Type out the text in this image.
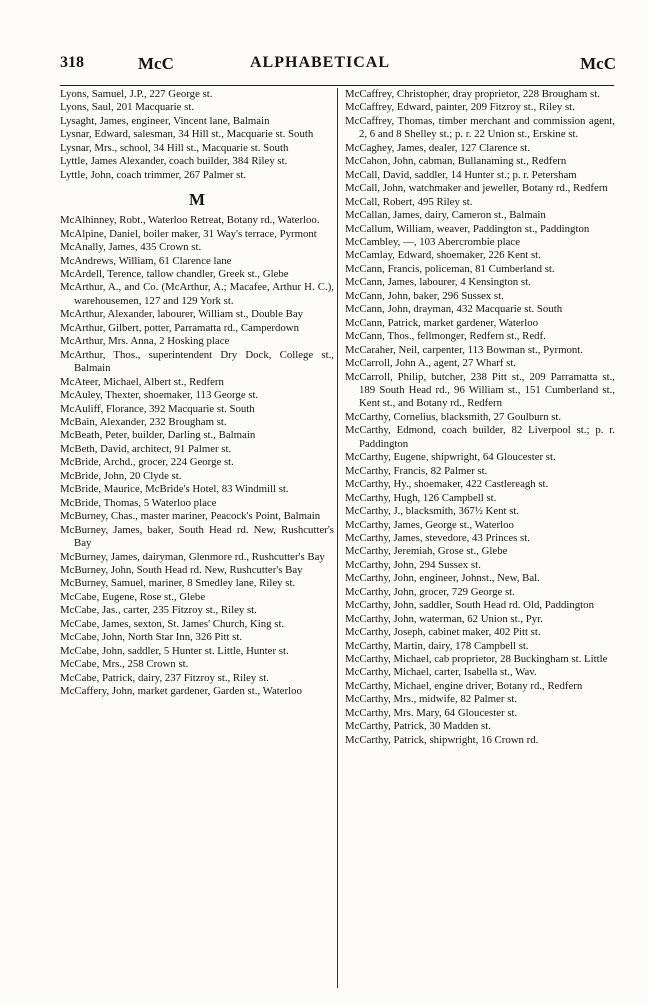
318	McC	ALPHABETICAL	McC
Lyons, Samuel, J.P., 227 George st.
Lyons, Saul, 201 Macquarie st.
Lysaght, James, engineer, Vincent lane, Balmain
Lysnar, Edward, salesman, 34 Hill st., Macquarie st. South
Lysnar, Mrs., school, 34 Hill st., Macquarie st. South
Lyttle, James Alexander, coach builder, 384 Riley st.
Lyttle, John, coach trimmer, 267 Palmer st.
M
McAlhinney, Robt., Waterloo Retreat, Botany rd., Waterloo.
McAlpine, Daniel, boiler maker, 31 Way's terrace, Pyrmont
McAnally, James, 435 Crown st.
McAndrews, William, 61 Clarence lane
McArdell, Terence, tallow chandler, Greek st., Glebe
McArthur, A., and Co. (McArthur, A.; Macafee, Arthur H. C.), warehousemen, 127 and 129 York st.
McArthur, Alexander, labourer, William st., Double Bay
McArthur, Gilbert, potter, Parramatta rd., Camperdown
McArthur, Mrs. Anna, 2 Hosking place
McArthur, Thos., superintendent Dry Dock, College st., Balmain
McAteer, Michael, Albert st., Redfern
McAuley, Thexter, shoemaker, 113 George st.
McAuliff, Florance, 392 Macquarie st. South
McBain, Alexander, 232 Brougham st.
McBeath, Peter, builder, Darling st., Balmain
McBeth, David, architect, 91 Palmer st.
McBride, Archd., grocer, 224 George st.
McBride, John, 20 Clyde st.
McBride, Maurice, McBride's Hotel, 83 Windmill st.
McBride, Thomas, 5 Waterloo place
McBurney, Chas., master mariner, Peacock's Point, Balmain
McBurney, James, baker, South Head rd. New, Rushcutter's Bay
McBurney, James, dairyman, Glenmore rd., Rushcutter's Bay
McBurney, John, South Head rd. New, Rushcutter's Bay
McBurney, Samuel, mariner, 8 Smedley lane, Riley st.
McCabe, Eugene, Rose st., Glebe
McCabe, Jas., carter, 235 Fitzroy st., Riley st.
McCabe, James, sexton, St. James' Church, King st.
McCabe, John, North Star Inn, 326 Pitt st.
McCabe, John, saddler, 5 Hunter st. Little, Hunter st.
McCabe, Mrs., 258 Crown st.
McCabe, Patrick, dairy, 237 Fitzroy st., Riley st.
McCaffery, John, market gardener, Garden st., Waterloo
McCaffrey, Christopher, dray proprietor, 228 Brougham st.
McCaffrey, Edward, painter, 209 Fitzroy st., Riley st.
McCaffrey, Thomas, timber merchant and commission agent, 2, 6 and 8 Shelley st.; p. r. 22 Union st., Erskine st.
McCaghey, James, dealer, 127 Clarence st.
McCahon, John, cabman, Bullanaming st., Redfern
McCall, David, saddler, 14 Hunter st.; p. r. Petersham
McCall, John, watchmaker and jeweller, Botany rd., Redfern
McCall, Robert, 495 Riley st.
McCallan, James, dairy, Cameron st., Balmain
McCallum, William, weaver, Paddington st., Paddington
McCambley, —, 103 Abercrombie place
McCamlay, Edward, shoemaker, 226 Kent st.
McCann, Francis, policeman, 81 Cumberland st.
McCann, James, labourer, 4 Kensington st.
McCann, John, baker, 296 Sussex st.
McCann, John, drayman, 432 Macquarie st. South
McCann, Patrick, market gardener, Waterloo
McCann, Thos., fellmonger, Redfern st., Redf.
McCaraher, Neil, carpenter, 113 Bowman st., Pyrmont.
McCarroll, John A., agent, 27 Wharf st.
McCarroll, Philip, butcher, 238 Pitt st., 209 Parramatta st., 189 South Head rd., 96 William st., 151 Cumberland st., Kent st., and Botany rd., Redfern
McCarthy, Cornelius, blacksmith, 27 Goulburn st.
McCarthy, Edmond, coach builder, 82 Liverpool st.; p. r. Paddington
McCarthy, Eugene, shipwright, 64 Gloucester st.
McCarthy, Francis, 82 Palmer st.
McCarthy, Hy., shoemaker, 422 Castlereagh st.
McCarthy, Hugh, 126 Campbell st.
McCarthy, J., blacksmith, 367½ Kent st.
McCarthy, James, George st., Waterloo
McCarthy, James, stevedore, 43 Princes st.
McCarthy, Jeremiah, Grose st., Glebe
McCarthy, John, 294 Sussex st.
McCarthy, John, engineer, Johnst., New, Bal.
McCarthy, John, grocer, 729 George st.
McCarthy, John, saddler, South Head rd. Old, Paddington
McCarthy, John, waterman, 62 Union st., Pyr.
McCarthy, Joseph, cabinet maker, 402 Pitt st.
McCarthy, Martin, dairy, 178 Campbell st.
McCarthy, Michael, cab proprietor, 28 Buckingham st. Little
McCarthy, Michael, carter, Isabella st., Wav.
McCarthy, Michael, engine driver, Botany rd., Redfern
McCarthy, Mrs., midwife, 82 Palmer st.
McCarthy, Mrs. Mary, 64 Gloucester st.
McCarthy, Patrick, 30 Madden st.
McCarthy, Patrick, shipwright, 16 Crown rd.
